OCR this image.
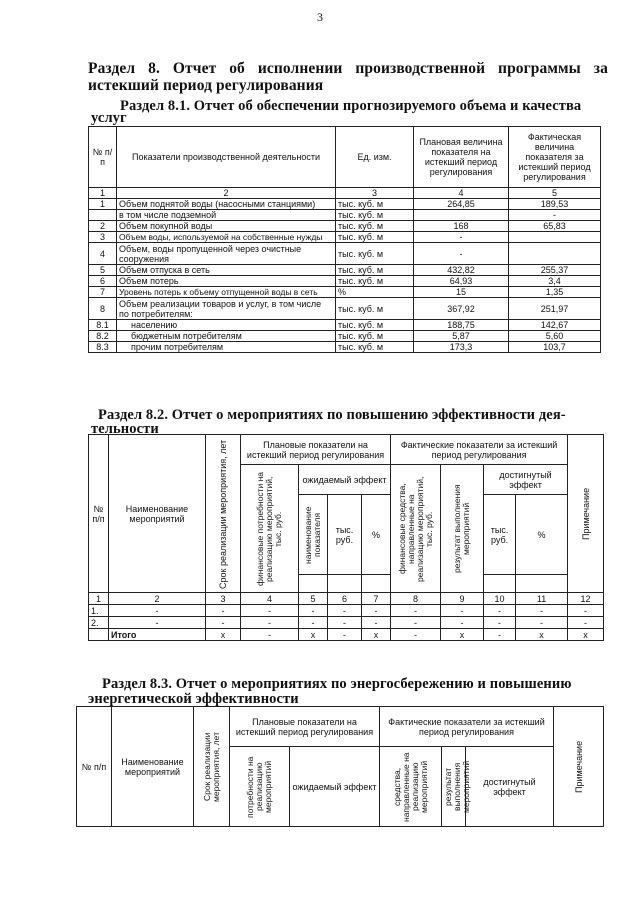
3
Раздел 8. Отчет об исполнении производственной программы за истекший период регулирования
Раздел 8.1. Отчет об обеспечении прогнозируемого объема и качества
услуг
№ п/п	Показатели производственной деятельности	Ед. изм.	Плановая величина показателя на истекший период регулирования	Фактическая величина показателя за истекший период регулирования
1	2	3	4	5
1	Объем поднятой воды (насосными станциями)	тыс. куб. м	264,85	189,53
	в том числе подземной	тыс. куб. м		-
2	Объем покупной воды	тыс. куб. м	168	65,83
3	Объем воды, используемой на собственные нужды	тыс. куб. м	-	
4	Объем, воды пропущенной через очистные сооружения	тыс. куб. м	-	
5	Объем отпуска в сеть	тыс. куб. м	432,82	255,37
6	Объем потерь	тыс. куб. м	64,93	3,4
7	Уровень потерь к объему отпущенной воды в сеть	%	15	1,35
8	Объем реализации товаров и услуг, в том числе по потребителям:	тыс. куб. м	367,92	251,97
8.1	населению	тыс. куб. м	188,75	142,67
8.2	бюджетным потребителям	тыс. куб. м	5,87	5,60
8.3	прочим потребителям	тыс. куб. м	173,3	103,7
Раздел 8.2. Отчет о мероприятиях по повышению эффективности дея-
тельности
№ п/п	Наименование мероприятий	Срок реализации мероприятия, лет	Плановые показатели на истекший период регулирования				Фактические показатели за истекший период регулирования				Примечание

			финансовые потребности на реализацию мероприятий, тыс. руб.	ожидаемый эффект			финансовые средства, направленные на реализацию мероприятий, тыс. руб.	результат выполнения мероприятий	достигнутый эффект		

				наименование показателя	тыс. руб.	%			тыс. руб.	%	

1	2	3	4	5	6	7	8	9	10	11	12
1.	-	-	-	-	-	-	-	-	-	-	-
2.	-	-	-	-	-	-	-	-	-	-	-
	Итого	x	-	x	-	x	-	x	-	x	x
Раздел 8.3. Отчет о мероприятиях по энергосбережению и повышению
энергетической эффективности
№ п/п	Наименование мероприятий	Срок реализации мероприятия, лет	Плановые показатели на истекший период регулирования		Фактические показатели за истекший период регулирования			Примечание

			потребности на реализацию мероприятий	ожидаемый эффект	средства, направленные на реализацию мероприятий	результат выполнения мероприятий	достигнутый эффект	
